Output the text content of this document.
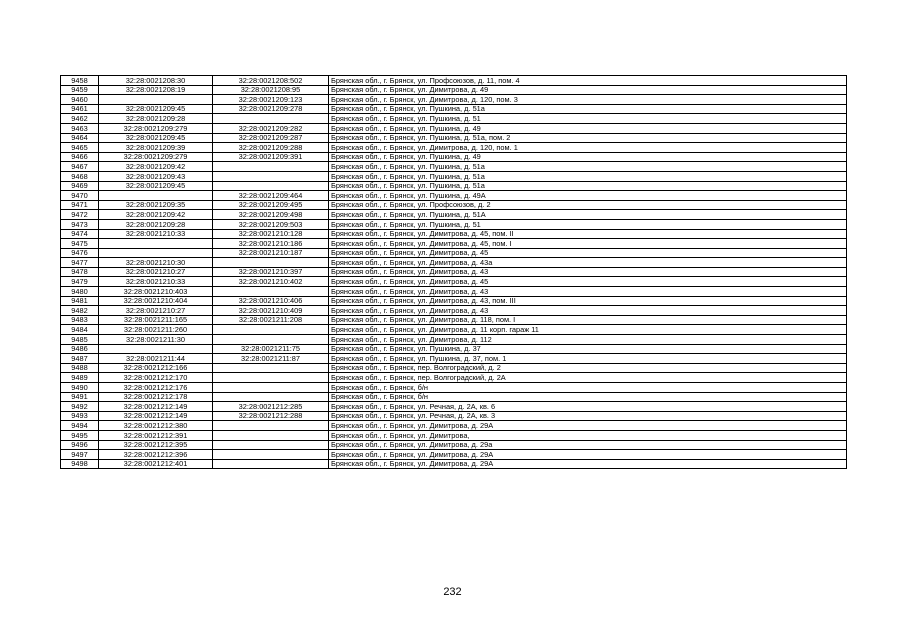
9458	32:28:0021208:30	32:28:0021208:502	Брянская обл., г. Брянск, ул. Профсоюзов, д. 11, пом. 4
9459	32:28:0021208:19	32:28:0021208:95	Брянская обл., г. Брянск, ул. Димитрова, д. 49
9460		32:28:0021209:123	Брянская обл., г. Брянск, ул. Димитрова, д. 120, пом. 3
9461	32:28:0021209:45	32:28:0021209:278	Брянская обл., г. Брянск, ул. Пушкина, д. 51а
9462	32:28:0021209:28		Брянская обл., г. Брянск, ул. Пушкина, д. 51
9463	32:28:0021209:279	32:28:0021209:282	Брянская обл., г. Брянск, ул. Пушкина, д. 49
9464	32:28:0021209:45	32:28:0021209:287	Брянская обл., г. Брянск, ул. Пушкина, д. 51а, пом. 2
9465	32:28:0021209:39	32:28:0021209:288	Брянская обл., г. Брянск, ул. Димитрова, д. 120, пом. 1
9466	32:28:0021209:279	32:28:0021209:391	Брянская обл., г. Брянск, ул. Пушкина, д. 49
9467	32:28:0021209:42		Брянская обл., г. Брянск, ул. Пушкина, д. 51а
9468	32:28:0021209:43		Брянская обл., г. Брянск, ул. Пушкина, д. 51а
9469	32:28:0021209:45		Брянская обл., г. Брянск, ул. Пушкина, д. 51а
9470		32:28:0021209:464	Брянская обл., г. Брянск, ул. Пушкина, д. 49А
9471	32:28:0021209:35	32:28:0021209:495	Брянская обл., г. Брянск, ул. Профсоюзов, д. 2
9472	32:28:0021209:42	32:28:0021209:498	Брянская обл., г. Брянск, ул. Пушкина, д. 51А
9473	32:28:0021209:28	32:28:0021209:503	Брянская обл., г. Брянск, ул. Пушкина, д. 51
9474	32:28:0021210:33	32:28:0021210:128	Брянская обл., г. Брянск, ул. Димитрова, д. 45, пом. II
9475		32:28:0021210:186	Брянская обл., г. Брянск, ул. Димитрова, д. 45, пом. I
9476		32:28:0021210:187	Брянская обл., г. Брянск, ул. Димитрова, д. 45
9477	32:28:0021210:30		Брянская обл., г. Брянск, ул. Димитрова, д. 43а
9478	32:28:0021210:27	32:28:0021210:397	Брянская обл., г. Брянск, ул. Димитрова, д. 43
9479	32:28:0021210:33	32:28:0021210:402	Брянская обл., г. Брянск, ул. Димитрова, д. 45
9480	32:28:0021210:403		Брянская обл., г. Брянск, ул. Димитрова, д. 43
9481	32:28:0021210:404	32:28:0021210:406	Брянская обл., г. Брянск, ул. Димитрова, д. 43, пом. III
9482	32:28:0021210:27	32:28:0021210:409	Брянская обл., г. Брянск, ул. Димитрова, д. 43
9483	32:28:0021211:165	32:28:0021211:208	Брянская обл., г. Брянск, ул. Димитрова, д. 118, пом. I
9484	32:28:0021211:260		Брянская обл., г. Брянск, ул. Димитрова, д. 11 корп. гараж 11
9485	32:28:0021211:30		Брянская обл., г. Брянск, ул. Димитрова, д. 112
9486		32:28:0021211:75	Брянская обл., г. Брянск, ул. Пушкина, д. 37
9487	32:28:0021211:44	32:28:0021211:87	Брянская обл., г. Брянск, ул. Пушкина, д. 37, пом. 1
9488	32:28:0021212:166		Брянская обл., г. Брянск, пер. Волгоградский, д. 2
9489	32:28:0021212:170		Брянская обл., г. Брянск, пер. Волгоградский, д. 2А
9490	32:28:0021212:176		Брянская обл., г. Брянск, б/н
9491	32:28:0021212:178		Брянская обл., г. Брянск, б/н
9492	32:28:0021212:149	32:28:0021212:285	Брянская обл., г. Брянск, ул. Речная, д. 2А, кв. 6
9493	32:28:0021212:149	32:28:0021212:288	Брянская обл., г. Брянск, ул. Речная, д. 2А, кв. 3
9494	32:28:0021212:380		Брянская обл., г. Брянск, ул. Димитрова, д. 29А
9495	32:28:0021212:391		Брянская обл., г. Брянск, ул. Димитрова,
9496	32:28:0021212:395		Брянская обл., г. Брянск, ул. Димитрова, д. 29а
9497	32:28:0021212:396		Брянская обл., г. Брянск, ул. Димитрова, д. 29А
9498	32:28:0021212:401		Брянская обл., г. Брянск, ул. Димитрова, д. 29А
232
